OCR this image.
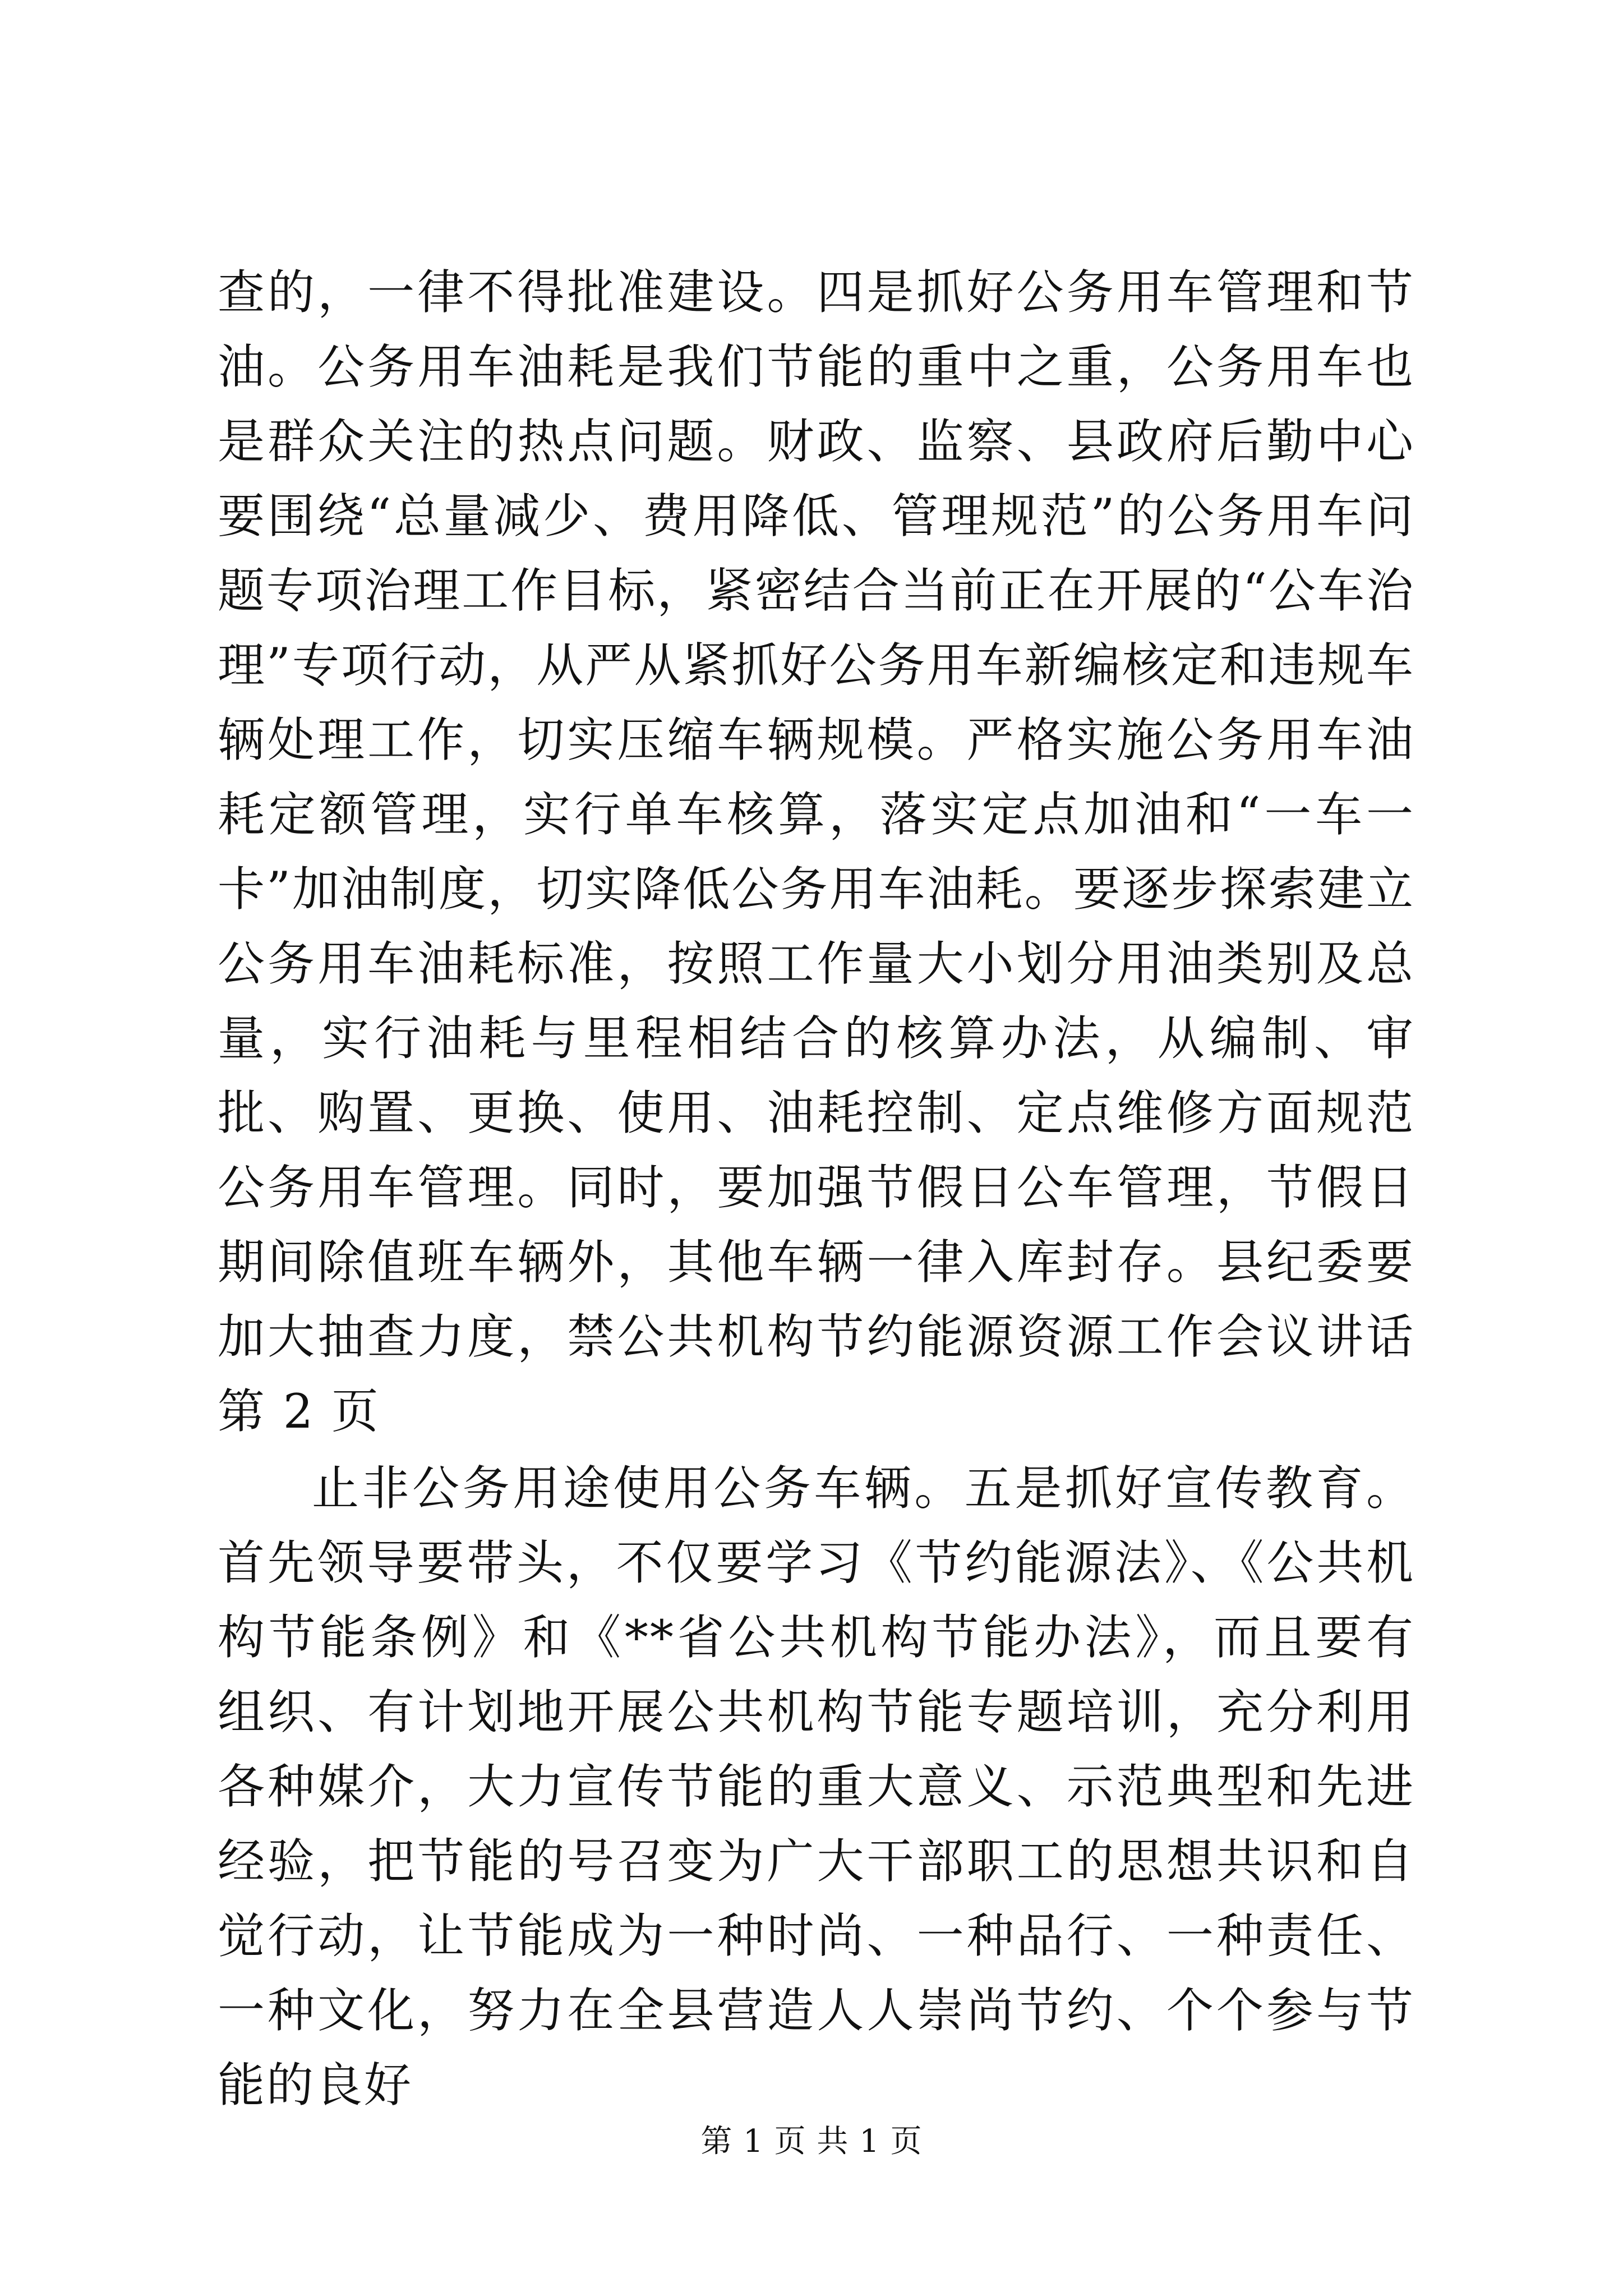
查的，一律不得批准建设。四是抓好公务用车管理和节油。公务用车油耗是我们节能的重中之重，公务用车也是群众关注的热点问题。财政、监察、县政府后勤中心要围绕“总量减少、费用降低、管理规范”的公务用车问题专项治理工作目标，紧密结合当前正在开展的“公车治理”专项行动，从严从紧抓好公务用车新编核定和违规车辆处理工作，切实压缩车辆规模。严格实施公务用车油耗定额管理，实行单车核算，落实定点加油和“一车一卡”加油制度，切实降低公务用车油耗。要逐步探索建立公务用车油耗标准，按照工作量大小划分用油类别及总量，实行油耗与里程相结合的核算办法，从编制、审批、购置、更换、使用、油耗控制、定点维修方面规范公务用车管理。同时，要加强节假日公车管理，节假日期间除值班车辆外，其他车辆一律入库封存。县纪委要加大抽查力度，禁公共机构节约能源资源工作会议讲话第 2 页

止非公务用途使用公务车辆。五是抓好宣传教育。首先领导要带头，不仅要学习《节约能源法》、《公共机构节能条例》和《**省公共机构节能办法》，而且要有组织、有计划地开展公共机构节能专题培训，充分利用各种媒介，大力宣传节能的重大意义、示范典型和先进经验，把节能的号召变为广大干部职工的思想共识和自觉行动，让节能成为一种时尚、一种品行、一种责任、一种文化，努力在全县营造人人崇尚节约、个个参与节能的良好

第 1 页 共 1 页
